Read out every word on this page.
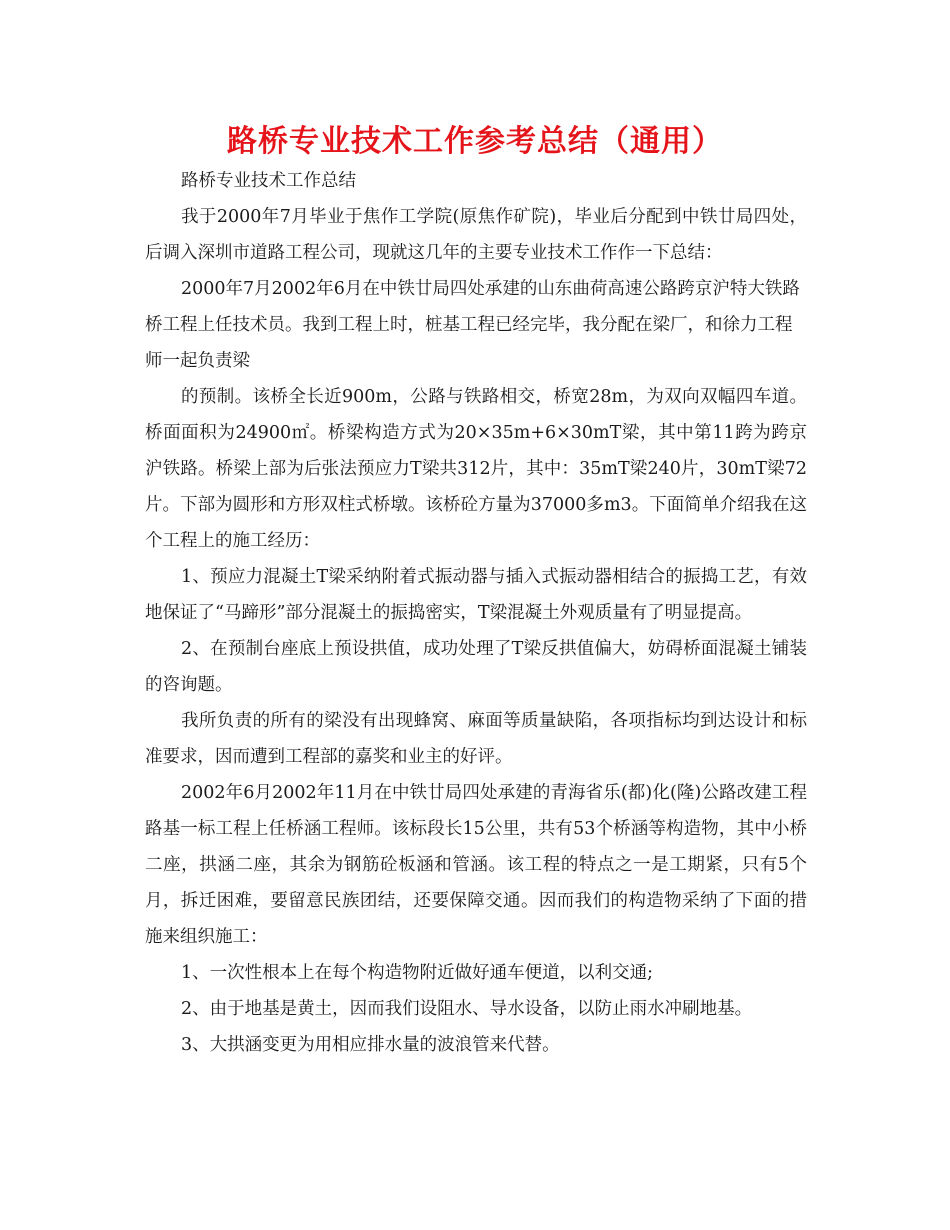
路桥专业技术工作参考总结（通用）

路桥专业技术工作总结

我于2000年7月毕业于焦作工学院(原焦作矿院)，毕业后分配到中铁廿局四处，后调入深圳市道路工程公司，现就这几年的主要专业技术工作作一下总结：

2000年7月2002年6月在中铁廿局四处承建的山东曲荷高速公路跨京沪特大铁路桥工程上任技术员。我到工程上时，桩基工程已经完毕，我分配在梁厂，和徐力工程师一起负责梁

的预制。该桥全长近900m，公路与铁路相交，桥宽28m，为双向双幅四车道。桥面面积为24900㎡。桥梁构造方式为20×35m+6×30mT梁，其中第11跨为跨京沪铁路。桥梁上部为后张法预应力T梁共312片，其中：35mT梁240片，30mT梁72片。下部为圆形和方形双柱式桥墩。该桥砼方量为37000多m3。下面简单介绍我在这个工程上的施工经历：

1、预应力混凝土T梁采纳附着式振动器与插入式振动器相结合的振捣工艺，有效地保证了“马蹄形”部分混凝土的振捣密实，T梁混凝土外观质量有了明显提高。

2、在预制台座底上预设拱值，成功处理了T梁反拱值偏大，妨碍桥面混凝土铺装的咨询题。

我所负责的所有的梁没有出现蜂窝、麻面等质量缺陷，各项指标均到达设计和标准要求，因而遭到工程部的嘉奖和业主的好评。

2002年6月2002年11月在中铁廿局四处承建的青海省乐(都)化(隆)公路改建工程路基一标工程上任桥涵工程师。该标段长15公里，共有53个桥涵等构造物，其中小桥二座，拱涵二座，其余为钢筋砼板涵和管涵。该工程的特点之一是工期紧，只有5个月，拆迁困难，要留意民族团结，还要保障交通。因而我们的构造物采纳了下面的措施来组织施工：

1、一次性根本上在每个构造物附近做好通车便道，以利交通;

2、由于地基是黄土，因而我们设阻水、导水设备，以防止雨水冲刷地基。

3、大拱涵变更为用相应排水量的波浪管来代替。
